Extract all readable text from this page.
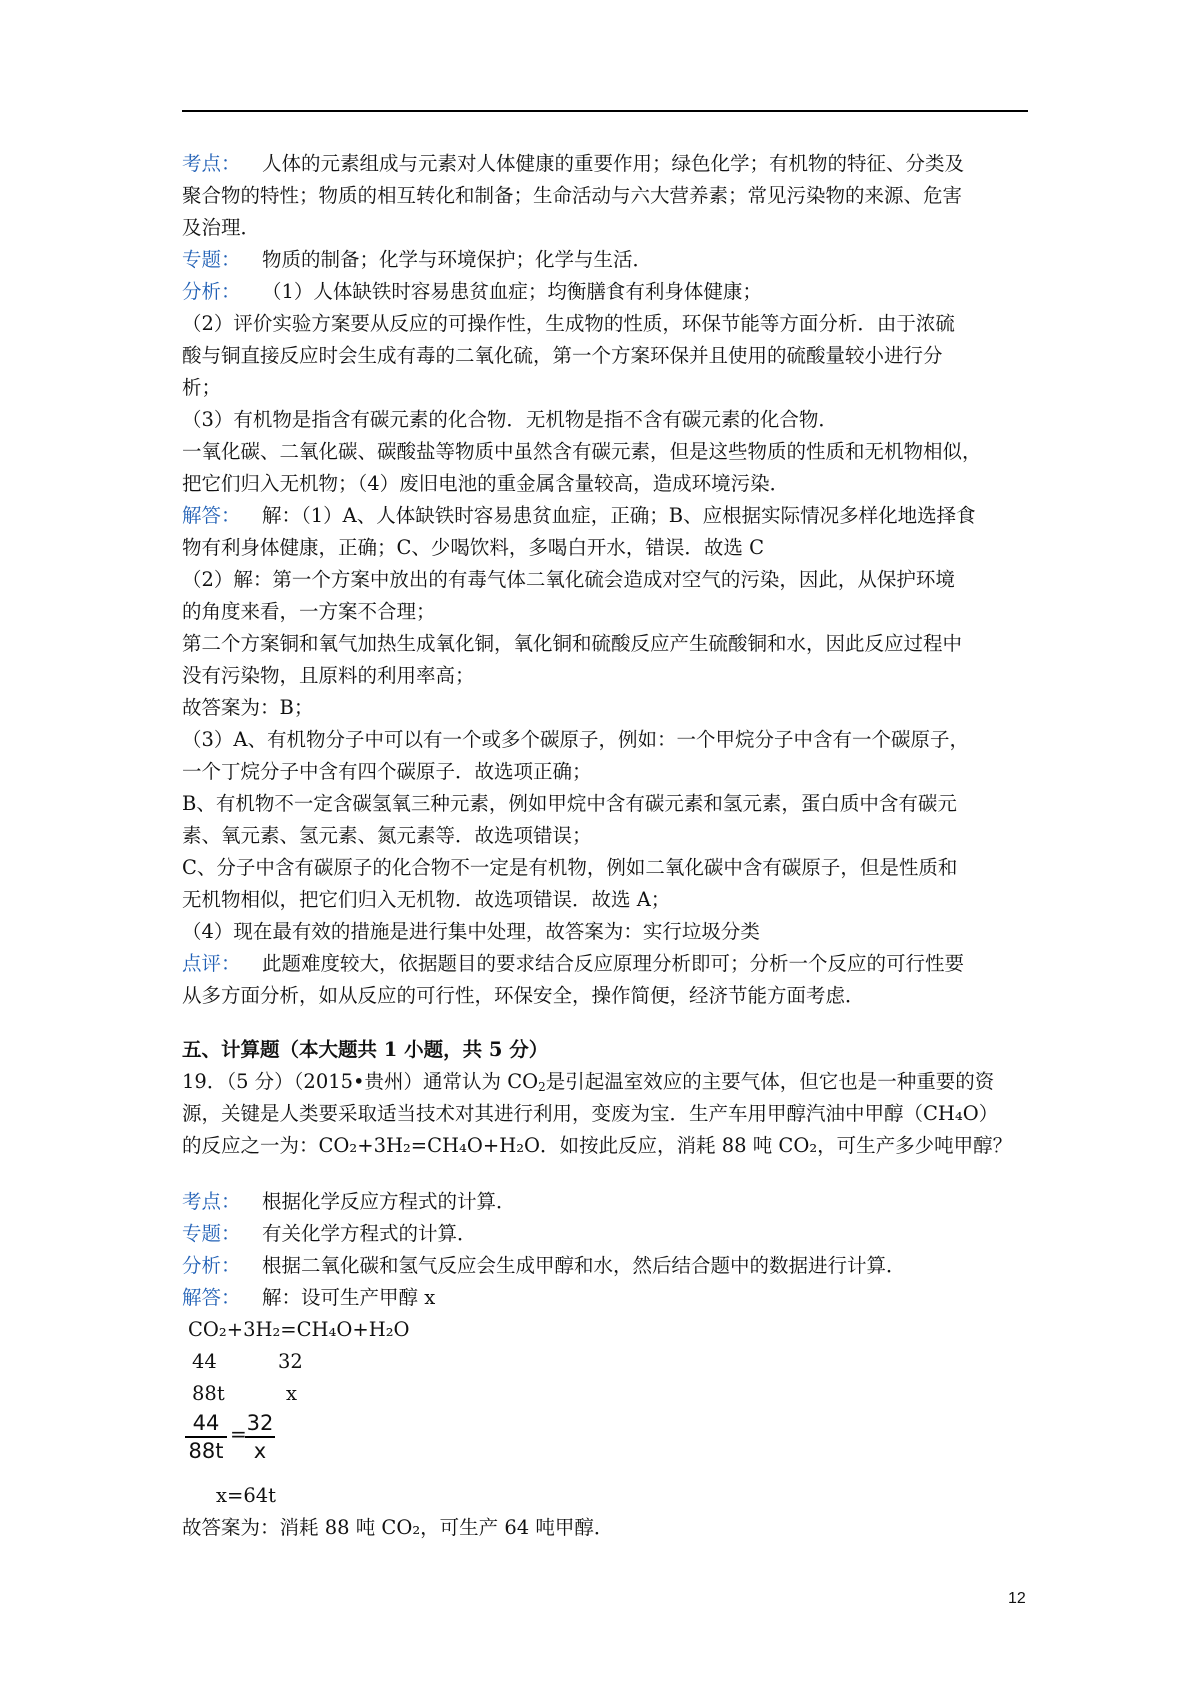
考点： 人体的元素组成与元素对人体健康的重要作用；绿色化学；有机物的特征、分类及
聚合物的特性；物质的相互转化和制备；生命活动与六大营养素；常见污染物的来源、危害
及治理．
专题： 物质的制备；化学与环境保护；化学与生活．
分析： （1）人体缺铁时容易患贫血症；均衡膳食有利身体健康；
（2）评价实验方案要从反应的可操作性，生成物的性质，环保节能等方面分析．由于浓硫
酸与铜直接反应时会生成有毒的二氧化硫，第一个方案环保并且使用的硫酸量较小进行分
析；
（3）有机物是指含有碳元素的化合物．无机物是指不含有碳元素的化合物．
一氧化碳、二氧化碳、碳酸盐等物质中虽然含有碳元素，但是这些物质的性质和无机物相似，
把它们归入无机物；（4）废旧电池的重金属含量较高，造成环境污染．
解答： 解：（1）A、人体缺铁时容易患贫血症，正确；B、应根据实际情况多样化地选择食
物有利身体健康，正确；C、少喝饮料，多喝白开水，错误．故选 C
（2）解：第一个方案中放出的有毒气体二氧化硫会造成对空气的污染，因此，从保护环境
的角度来看，一方案不合理；
第二个方案铜和氧气加热生成氧化铜，氧化铜和硫酸反应产生硫酸铜和水，因此反应过程中
没有污染物，且原料的利用率高；
故答案为：B；
（3）A、有机物分子中可以有一个或多个碳原子，例如：一个甲烷分子中含有一个碳原子，
一个丁烷分子中含有四个碳原子．故选项正确；
B、有机物不一定含碳氢氧三种元素，例如甲烷中含有碳元素和氢元素，蛋白质中含有碳元
素、氧元素、氢元素、氮元素等．故选项错误；
C、分子中含有碳原子的化合物不一定是有机物，例如二氧化碳中含有碳原子，但是性质和
无机物相似，把它们归入无机物．故选项错误．故选 A；
（4）现在最有效的措施是进行集中处理，故答案为：实行垃圾分类
点评： 此题难度较大，依据题目的要求结合反应原理分析即可；分析一个反应的可行性要
从多方面分析，如从反应的可行性，环保安全，操作简便，经济节能方面考虑．
五、计算题（本大题共 1 小题，共 5 分）
19．（5 分）（2015•贵州）通常认为 $CO_2$是引起温室效应的主要气体，但它也是一种重要的资
源，关键是人类要采取适当技术对其进行利用，变废为宝．生产车用甲醇汽油中甲醇（CH₄O）
的反应之一为：CO₂+3H₂=CH₄O+H₂O．如按此反应，消耗 88 吨 CO₂，可生产多少吨甲醇？
考点： 根据化学反应方程式的计算．
专题： 有关化学方程式的计算．
分析： 根据二氧化碳和氢气反应会生成甲醇和水，然后结合题中的数据进行计算．
解答： 解：设可生产甲醇 x
CO₂+3H₂=CH₄O+H₂O
44	32
88t	x
44
88t
= 32
x
x=64t
故答案为：消耗 88 吨 CO₂，可生产 64 吨甲醇．
12
